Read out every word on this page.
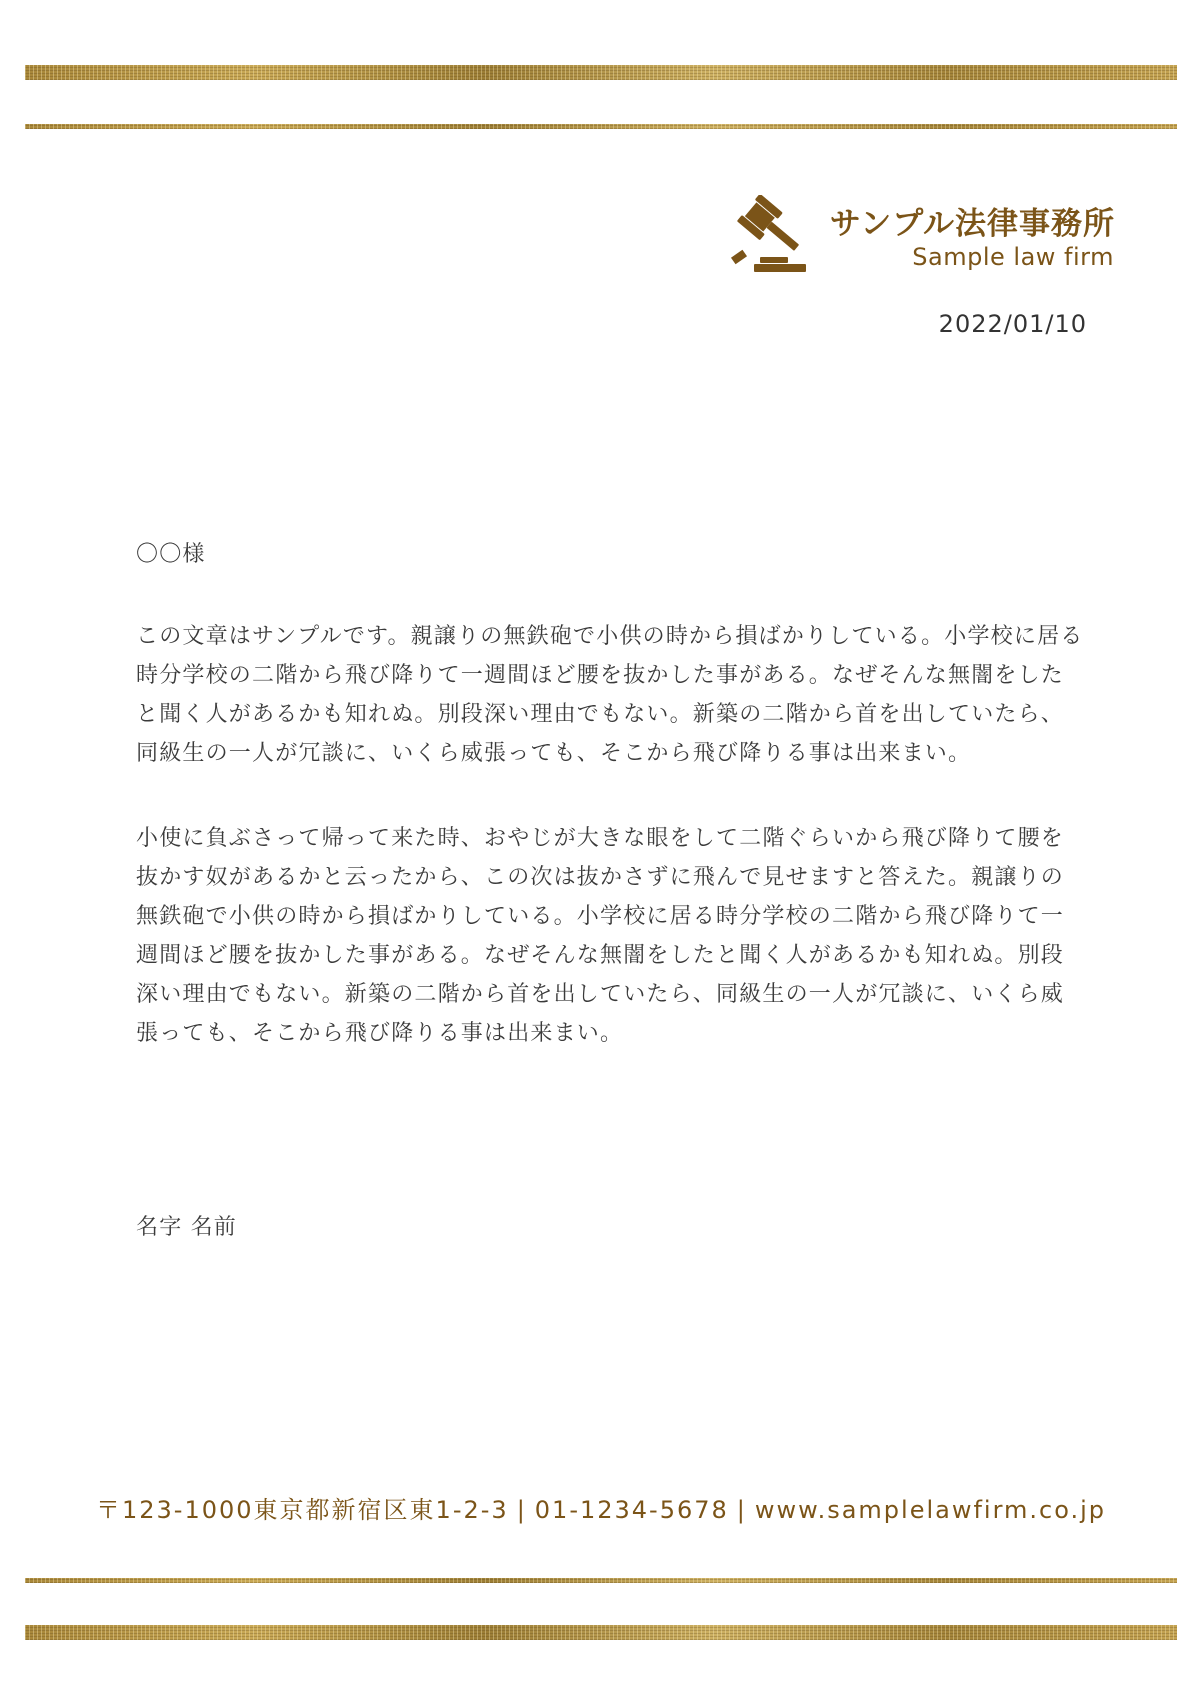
サンプル法律事務所
Sample law firm
2022/01/10

〇〇様

この文章はサンプルです。親譲りの無鉄砲で小供の時から損ばかりしている。小学校に居る時分学校の二階から飛び降りて一週間ほど腰を抜かした事がある。なぜそんな無闇をしたと聞く人があるかも知れぬ。別段深い理由でもない。新築の二階から首を出していたら、同級生の一人が冗談に、いくら威張っても、そこから飛び降りる事は出来まい。

小使に負ぶさって帰って来た時、おやじが大きな眼をして二階ぐらいから飛び降りて腰を抜かす奴があるかと云ったから、この次は抜かさずに飛んで見せますと答えた。親譲りの無鉄砲で小供の時から損ばかりしている。小学校に居る時分学校の二階から飛び降りて一週間ほど腰を抜かした事がある。なぜそんな無闇をしたと聞く人があるかも知れぬ。別段深い理由でもない。新築の二階から首を出していたら、同級生の一人が冗談に、いくら威張っても、そこから飛び降りる事は出来まい。

名字 名前
〒123-1000東京都新宿区東1-2-3 | 01-1234-5678 | www.samplelawfirm.co.jp
